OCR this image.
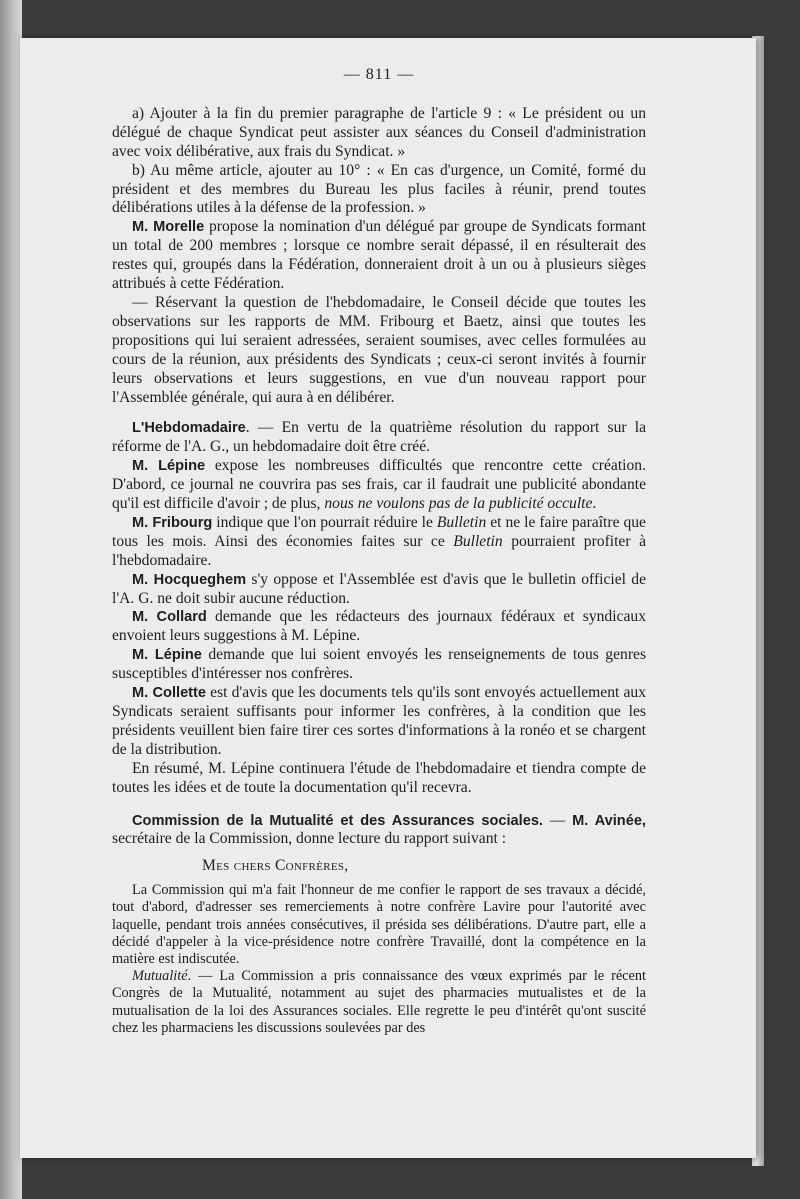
— 811 —

a) Ajouter à la fin du premier paragraphe de l'article 9 : « Le président ou un délégué de chaque Syndicat peut assister aux séances du Conseil d'administration avec voix délibérative, aux frais du Syndicat. »

b) Au même article, ajouter au 10° : « En cas d'urgence, un Comité, formé du président et des membres du Bureau les plus faciles à réunir, prend toutes délibérations utiles à la défense de la profession. »

M. Morelle propose la nomination d'un délégué par groupe de Syndicats formant un total de 200 membres ; lorsque ce nombre serait dépassé, il en résulterait des restes qui, groupés dans la Fédération, donneraient droit à un ou à plusieurs sièges attribués à cette Fédération.

— Réservant la question de l'hebdomadaire, le Conseil décide que toutes les observations sur les rapports de MM. Fribourg et Baetz, ainsi que toutes les propositions qui lui seraient adressées, seraient soumises, avec celles formulées au cours de la réunion, aux présidents des Syndicats ; ceux-ci seront invités à fournir leurs observations et leurs suggestions, en vue d'un nouveau rapport pour l'Assemblée générale, qui aura à en délibérer.

L'Hebdomadaire. — En vertu de la quatrième résolution du rapport sur la réforme de l'A. G., un hebdomadaire doit être créé.

M. Lépine expose les nombreuses difficultés que rencontre cette création. D'abord, ce journal ne couvrira pas ses frais, car il faudrait une publicité abondante qu'il est difficile d'avoir ; de plus, nous ne voulons pas de la publicité occulte.

M. Fribourg indique que l'on pourrait réduire le Bulletin et ne le faire paraître que tous les mois. Ainsi des économies faites sur ce Bulletin pourraient profiter à l'hebdomadaire.

M. Hocqueghem s'y oppose et l'Assemblée est d'avis que le bulletin officiel de l'A. G. ne doit subir aucune réduction.

M. Collard demande que les rédacteurs des journaux fédéraux et syndicaux envoient leurs suggestions à M. Lépine.

M. Lépine demande que lui soient envoyés les renseignements de tous genres susceptibles d'intéresser nos confrères.

M. Collette est d'avis que les documents tels qu'ils sont envoyés actuellement aux Syndicats seraient suffisants pour informer les confrères, à la condition que les présidents veuillent bien faire tirer ces sortes d'informations à la ronéo et se chargent de la distribution.

En résumé, M. Lépine continuera l'étude de l'hebdomadaire et tiendra compte de toutes les idées et de toute la documentation qu'il recevra.

Commission de la Mutualité et des Assurances sociales. — M. Avinée, secrétaire de la Commission, donne lecture du rapport suivant :

Mes chers Confrères,

La Commission qui m'a fait l'honneur de me confier le rapport de ses travaux a décidé, tout d'abord, d'adresser ses remerciements à notre confrère Lavire pour l'autorité avec laquelle, pendant trois années consécutives, il présida ses délibérations. D'autre part, elle a décidé d'appeler à la vice-présidence notre confrère Travaillé, dont la compétence en la matière est indiscutée.

Mutualité. — La Commission a pris connaissance des vœux exprimés par le récent Congrès de la Mutualité, notamment au sujet des pharmacies mutualistes et de la mutualisation de la loi des Assurances sociales. Elle regrette le peu d'intérêt qu'ont suscité chez les pharmaciens les discussions soulevées par des
